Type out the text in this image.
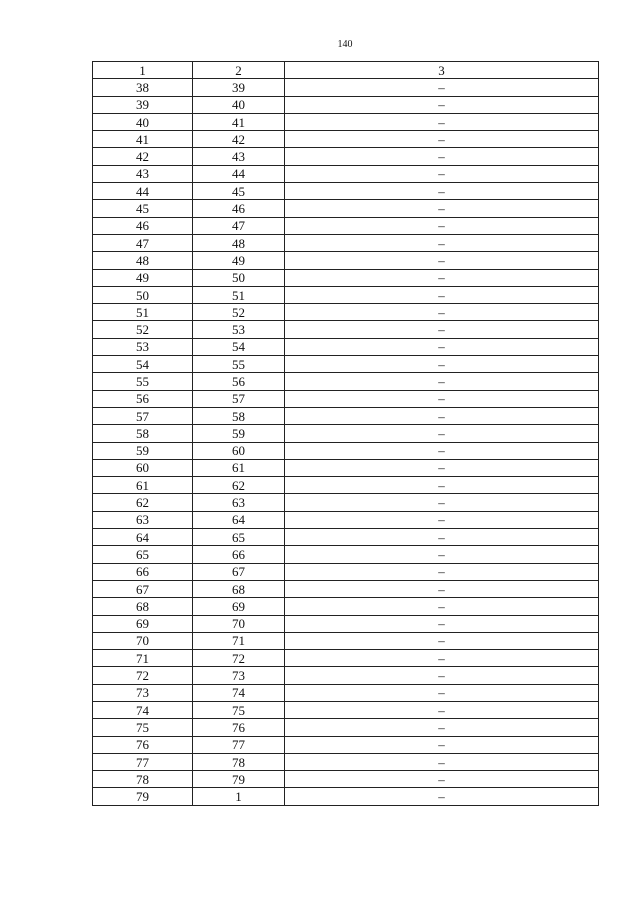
140
1	2	3
38	39	–
39	40	–
40	41	–
41	42	–
42	43	–
43	44	–
44	45	–
45	46	–
46	47	–
47	48	–
48	49	–
49	50	–
50	51	–
51	52	–
52	53	–
53	54	–
54	55	–
55	56	–
56	57	–
57	58	–
58	59	–
59	60	–
60	61	–
61	62	–
62	63	–
63	64	–
64	65	–
65	66	–
66	67	–
67	68	–
68	69	–
69	70	–
70	71	–
71	72	–
72	73	–
73	74	–
74	75	–
75	76	–
76	77	–
77	78	–
78	79	–
79	1	–
